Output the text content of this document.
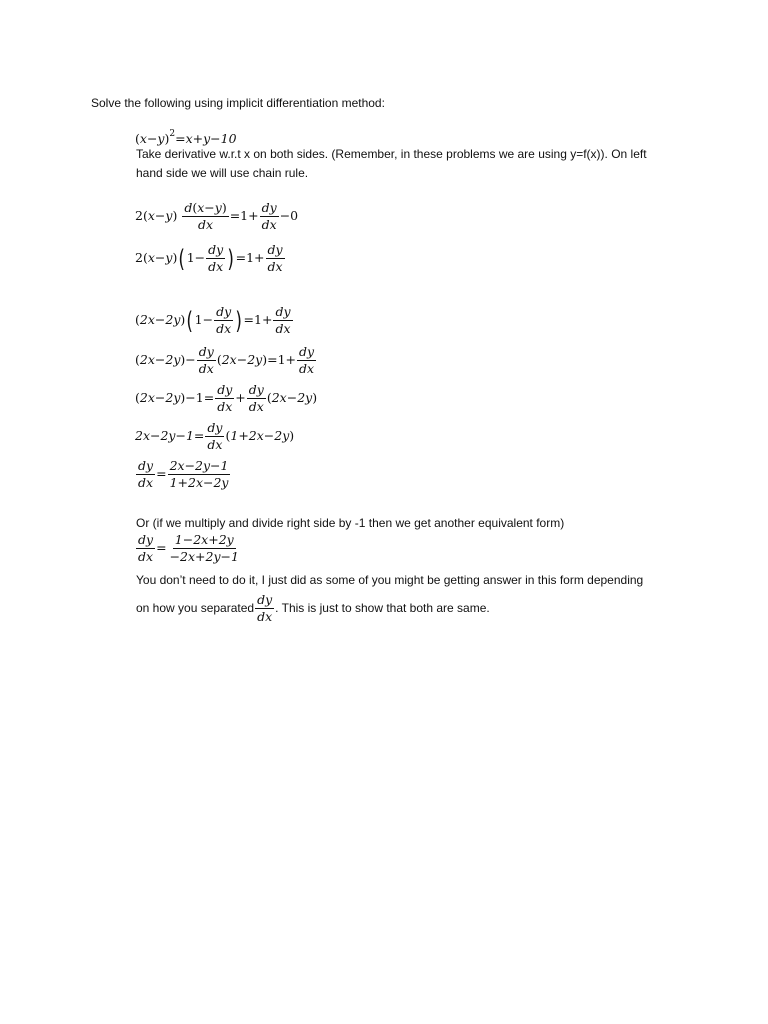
Solve the following using implicit differentiation method:
$(x-y)^2=x+y-10$
Take derivative w.r.t x on both sides. (Remember, in these problems we are using y=f(x)). On left
hand side we will use chain rule.
$2(x-y) \frac{d(x-y)}{dx} =1+ \frac{dy}{dx} -0$
$2(x-y)(1- \frac{dy}{dx} )=1+ \frac{dy}{dx}$
$(2x-2y)(1- \frac{dy}{dx} )=1+ \frac{dy}{dx}$
$(2x-2y)- \frac{dy}{dx} (2x-2y)=1+ \frac{dy}{dx}$
$(2x-2y)-1= \frac{dy}{dx} + \frac{dy}{dx} (2x-2y)$
$2x-2y-1= \frac{dy}{dx} (1+2x-2y)$
$\frac{dy}{dx} = \frac{2x-2y-1}{1+2x-2y}$
Or (if we multiply and divide right side by -1 then we get another equivalent form)
$\frac{dy}{dx} = \frac{1-2x+2y}{-2x+2y-1}$
You don’t need to do it, I just did as some of you might be getting answer in this form depending
on how you separated $\frac{dy}{dx}$ . This is just to show that both are same.
